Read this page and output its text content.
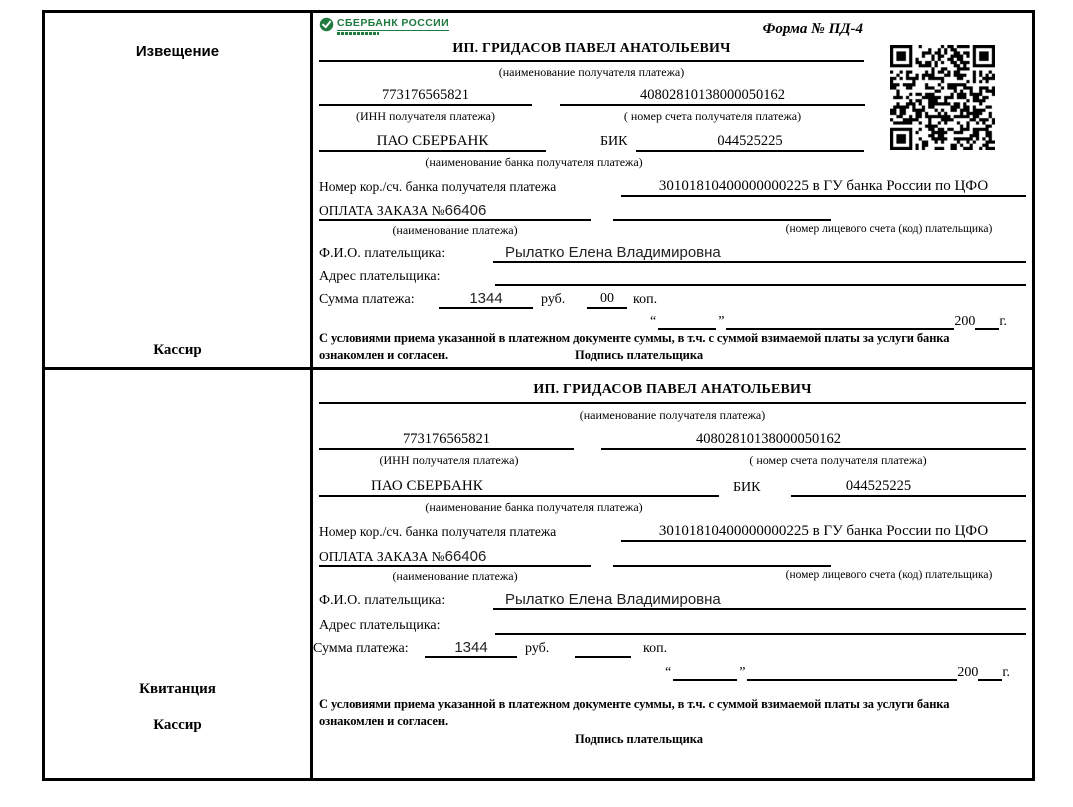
Извещение
Кассир
СБЕРБАНК РОССИИ	Форма № ПД-4
ИП. ГРИДАСОВ ПАВЕЛ АНАТОЛЬЕВИЧ
(наименование получателя платежа)
773176565821	40802810138000050162
(ИНН получателя платежа)	( номер счета получателя платежа)
ПАО СБЕРБАНК	БИК	044525225
(наименование банка получателя платежа)
Номер кор./сч. банка получателя платежа	30101810400000000225 в ГУ банка России по ЦФО
ОПЛАТА ЗАКАЗА № 66406
(наименование платежа)	(номер лицевого счета (код) плательщика)
Ф.И.О. плательщика:	Рылатко Елена Владимировна
Адрес плательщика:
Сумма платежа:	1344	руб.	00	коп.
“	”	200 г.
С условиями приема указанной в платежном документе суммы, в т.ч. с суммой взимаемой платы за услуги банка
ознакомлен и согласен.	Подпись плательщика
Квитанция
Кассир
ИП. ГРИДАСОВ ПАВЕЛ АНАТОЛЬЕВИЧ
(наименование получателя платежа)
773176565821	40802810138000050162
(ИНН получателя платежа)	( номер счета получателя платежа)
ПАО СБЕРБАНК	БИК	044525225
(наименование банка получателя платежа)
Номер кор./сч. банка получателя платежа	30101810400000000225 в ГУ банка России по ЦФО
ОПЛАТА ЗАКАЗА № 66406
(наименование платежа)	(номер лицевого счета (код) плательщика)
Ф.И.О. плательщика:	Рылатко Елена Владимировна
Адрес плательщика:
Сумма платежа:	1344	руб.	коп.
“	”	200 г.
С условиями приема указанной в платежном документе суммы, в т.ч. с суммой взимаемой платы за услуги банка
ознакомлен и согласен.
Подпись плательщика
